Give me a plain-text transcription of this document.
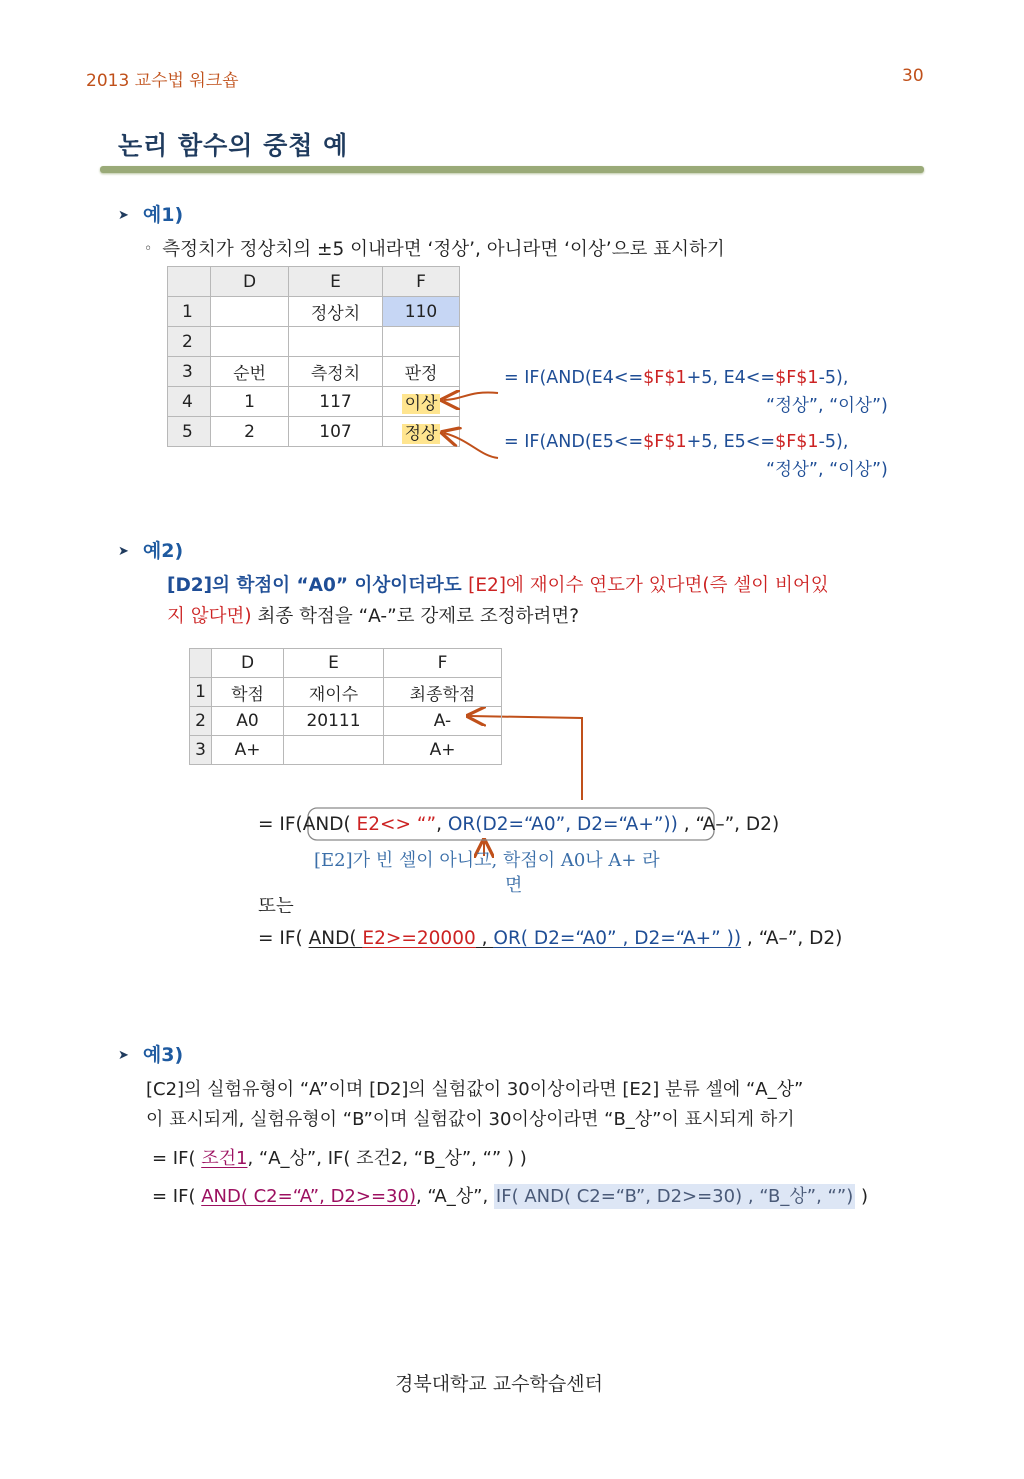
2013 교수법 워크숍	30
논리 함수의 중첩 예
➤ 예1)
◦ 측정치가 정상치의 ±5 이내라면 ‘정상’, 아니라면 ‘이상’으로 표시하기
	D	E	F
1		정상치	110
2			
3	순번	측정치	판정
4	1	117	이상
5	2	107	정상
= IF(AND(E4<=$F$1+5, E4<=$F$1-5),
“정상”, “이상”)
= IF(AND(E5<=$F$1+5, E5<=$F$1-5),
“정상”, “이상”)
➤ 예2)
[D2]의 학점이 “A0” 이상이더라도 [E2]에 재이수 연도가 있다면(즉 셀이 비어있
지 않다면) 최종 학점을 “A-”로 강제로 조정하려면?
	D	E	F
1	학점	재이수	최종학점
2	A0	20111	A-
3	A+		A+
= IF(AND( E2<> “”, OR(D2=“A0”, D2=“A+”)) , “A–”, D2)
[E2]가 빈 셀이 아니고, 학점이 A0나 A+ 라
면
또는
= IF( AND( E2>=20000 , OR( D2=“A0” , D2=“A+” )) , “A–”, D2)
➤ 예3)
[C2]의 실험유형이 “A”이며 [D2]의 실험값이 30이상이라면 [E2] 분류 셀에 “A_상”
이 표시되게, 실험유형이 “B”이며 실험값이 30이상이라면 “B_상”이 표시되게 하기
= IF( 조건1, “A_상”, IF( 조건2, “B_상”, “” ) )
= IF( AND( C2=“A”, D2>=30), “A_상”, IF( AND( C2=“B”, D2>=30) , “B_상”, “”) )
경북대학교 교수학습센터
